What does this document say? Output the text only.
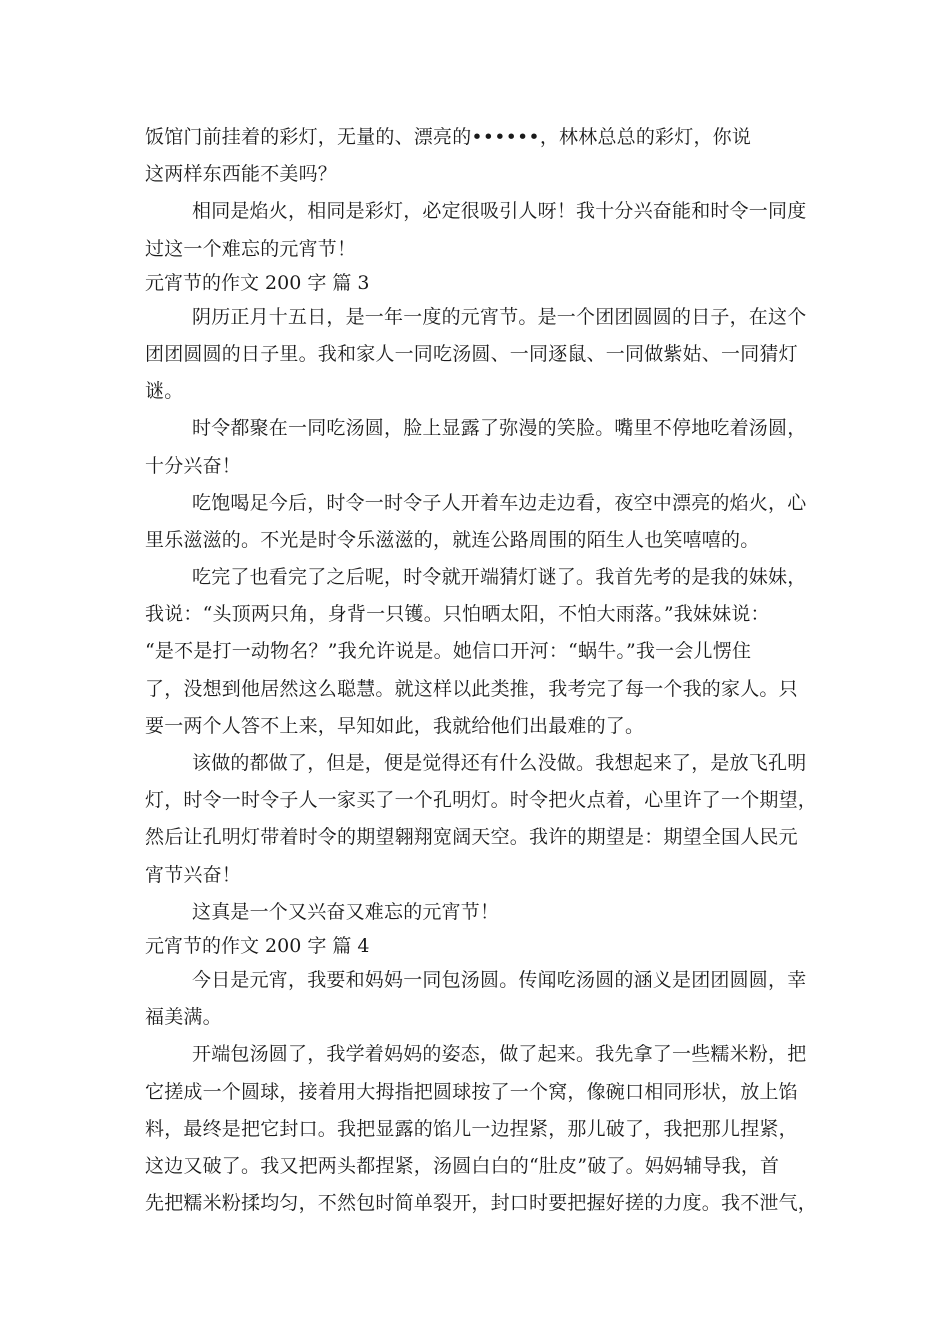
饭馆门前挂着的彩灯，无量的、漂亮的••••••，林林总总的彩灯，你说
这两样东西能不美吗？
相同是焰火，相同是彩灯，必定很吸引人呀！我十分兴奋能和时令一同度
过这一个难忘的元宵节！
元宵节的作文 200 字 篇 3
阴历正月十五日，是一年一度的元宵节。是一个团团圆圆的日子，在这个
团团圆圆的日子里。我和家人一同吃汤圆、一同逐鼠、一同做紫姑、一同猜灯
谜。
时令都聚在一同吃汤圆，脸上显露了弥漫的笑脸。嘴里不停地吃着汤圆，
十分兴奋！
吃饱喝足今后，时令一时令子人开着车边走边看，夜空中漂亮的焰火，心
里乐滋滋的。不光是时令乐滋滋的，就连公路周围的陌生人也笑嘻嘻的。
吃完了也看完了之后呢，时令就开端猜灯谜了。我首先考的是我的妹妹，
我说：“头顶两只角，身背一只镬。只怕晒太阳，不怕大雨落。”我妹妹说：
“是不是打一动物名？”我允许说是。她信口开河：“蜗牛。”我一会儿愣住
了，没想到他居然这么聪慧。就这样以此类推，我考完了每一个我的家人。只
要一两个人答不上来，早知如此，我就给他们出最难的了。
该做的都做了，但是，便是觉得还有什么没做。我想起来了，是放飞孔明
灯，时令一时令子人一家买了一个孔明灯。时令把火点着，心里许了一个期望，
然后让孔明灯带着时令的期望翱翔宽阔天空。我许的期望是：期望全国人民元
宵节兴奋！
这真是一个又兴奋又难忘的元宵节！
元宵节的作文 200 字 篇 4
今日是元宵，我要和妈妈一同包汤圆。传闻吃汤圆的涵义是团团圆圆，幸
福美满。
开端包汤圆了，我学着妈妈的姿态，做了起来。我先拿了一些糯米粉，把
它搓成一个圆球，接着用大拇指把圆球按了一个窝，像碗口相同形状，放上馅
料，最终是把它封口。我把显露的馅儿一边捏紧，那儿破了，我把那儿捏紧，
这边又破了。我又把两头都捏紧，汤圆白白的“肚皮”破了。妈妈辅导我，首
先把糯米粉揉均匀，不然包时简单裂开，封口时要把握好搓的力度。我不泄气，
